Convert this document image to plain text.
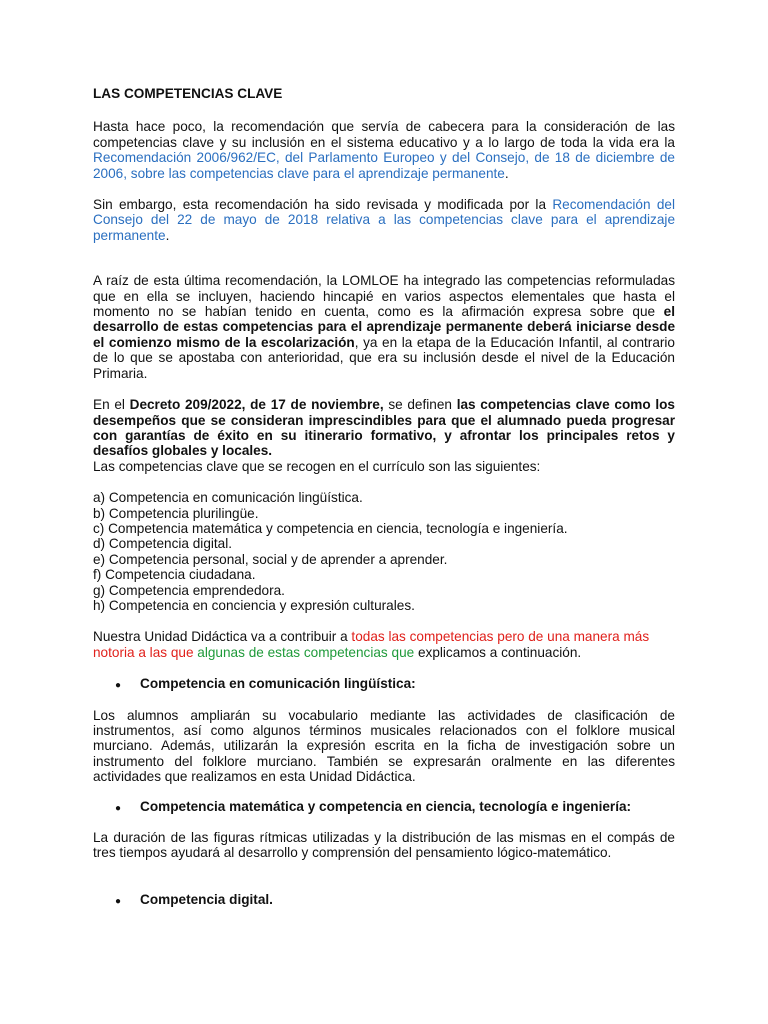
LAS COMPETENCIAS CLAVE

Hasta hace poco, la recomendación que servía de cabecera para la consideración de las competencias clave y su inclusión en el sistema educativo y a lo largo de toda la vida era la Recomendación 2006/962/EC, del Parlamento Europeo y del Consejo, de 18 de diciembre de 2006, sobre las competencias clave para el aprendizaje permanente.

Sin embargo, esta recomendación ha sido revisada y modificada por la Recomendación del Consejo del 22 de mayo de 2018 relativa a las competencias clave para el aprendizaje permanente.

A raíz de esta última recomendación, la LOMLOE ha integrado las competencias reformuladas que en ella se incluyen, haciendo hincapié en varios aspectos elementales que hasta el momento no se habían tenido en cuenta, como es la afirmación expresa sobre que el desarrollo de estas competencias para el aprendizaje permanente deberá iniciarse desde el comienzo mismo de la escolarización, ya en la etapa de la Educación Infantil, al contrario de lo que se apostaba con anterioridad, que era su inclusión desde el nivel de la Educación Primaria.

En el Decreto 209/2022, de 17 de noviembre, se definen las competencias clave como los desempeños que se consideran imprescindibles para que el alumnado pueda progresar con garantías de éxito en su itinerario formativo, y afrontar los principales retos y desafíos globales y locales.

Las competencias clave que se recogen en el currículo son las siguientes:

a) Competencia en comunicación lingüística.
b) Competencia plurilingüe.
c) Competencia matemática y competencia en ciencia, tecnología e ingeniería.
d) Competencia digital.
e) Competencia personal, social y de aprender a aprender.
f) Competencia ciudadana.
g) Competencia emprendedora.
h) Competencia en conciencia y expresión culturales.

Nuestra Unidad Didáctica va a contribuir a todas las competencias pero de una manera más notoria a las que algunas de estas competencias que explicamos a continuación.

●
Competencia en comunicación lingüística:

Los alumnos ampliarán su vocabulario mediante las actividades de clasificación de instrumentos, así como algunos términos musicales relacionados con el folklore musical murciano. Además, utilizarán la expresión escrita en la ficha de investigación sobre un instrumento del folklore murciano. También se expresarán oralmente en las diferentes actividades que realizamos en esta Unidad Didáctica.

●
Competencia matemática y competencia en ciencia, tecnología e ingeniería:

La duración de las figuras rítmicas utilizadas y la distribución de las mismas en el compás de tres tiempos ayudará al desarrollo y comprensión del pensamiento lógico-matemático.

●
Competencia digital.
